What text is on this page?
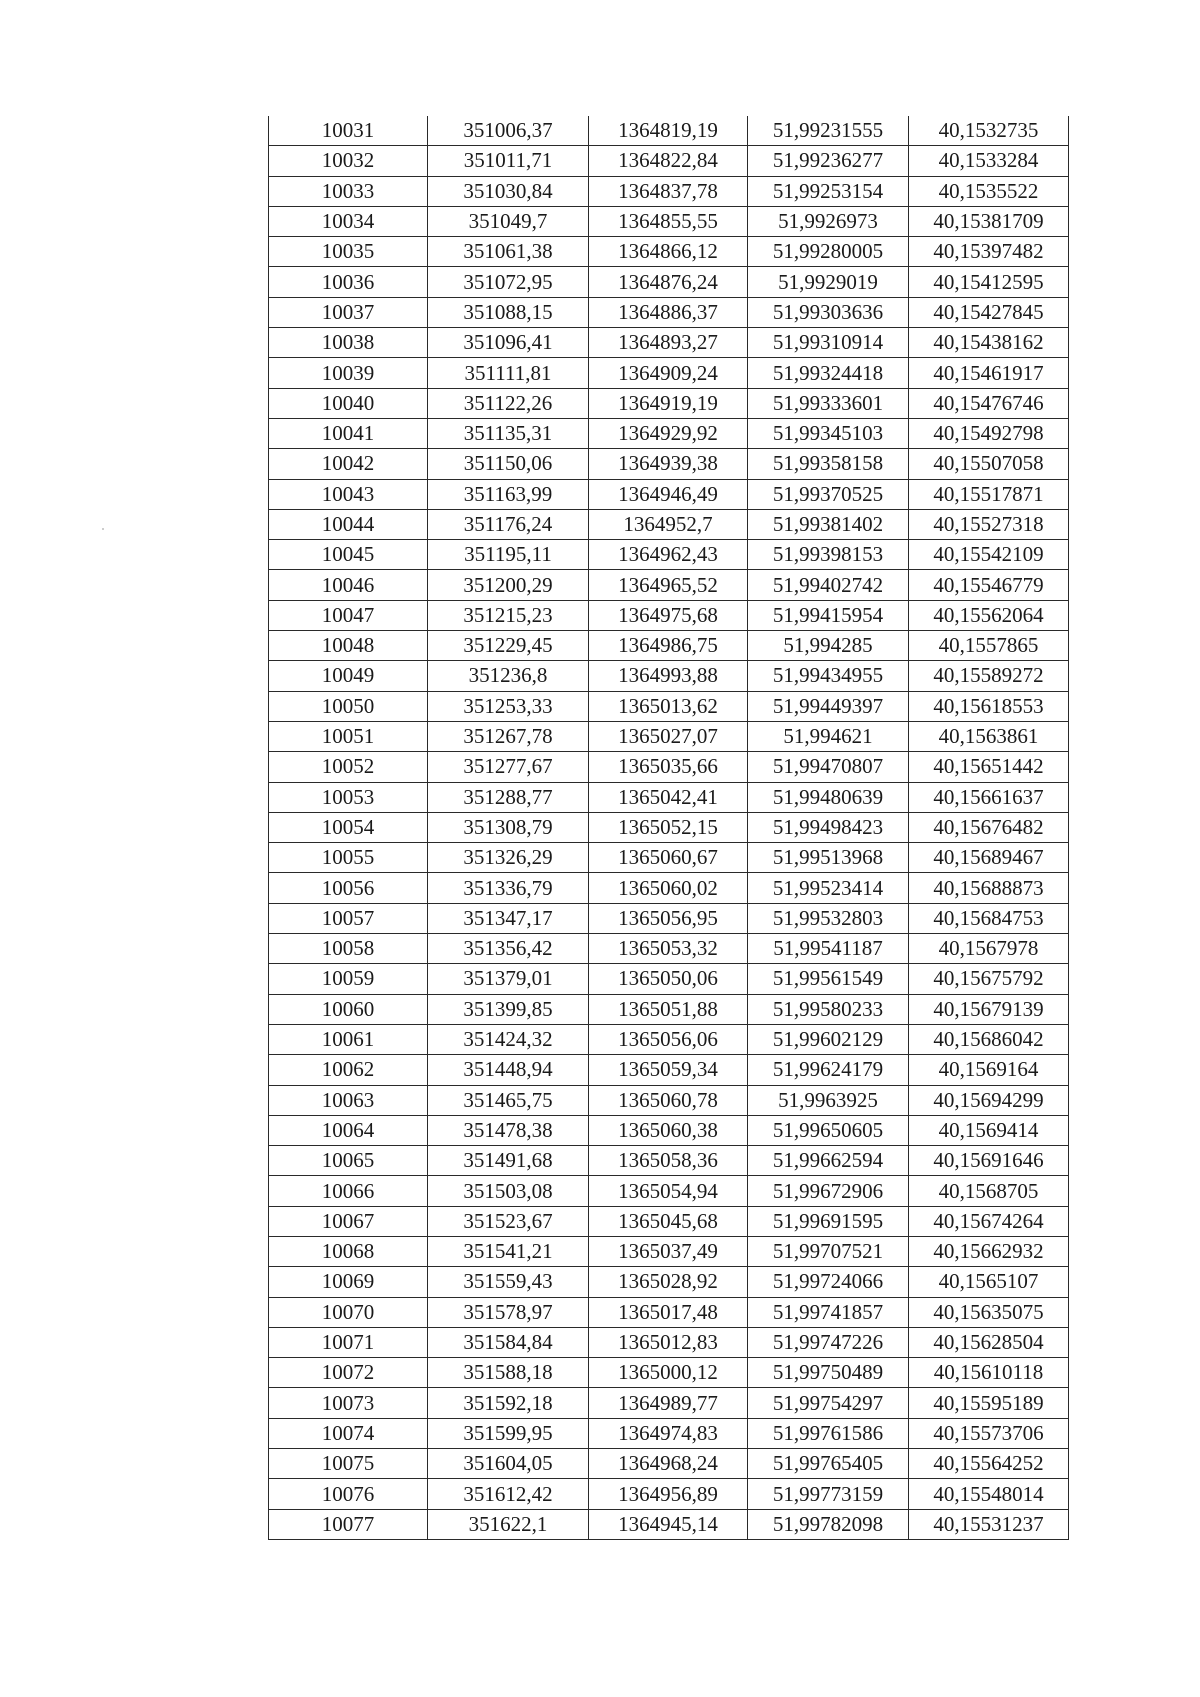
10031	351006,37	1364819,19	51,99231555	40,1532735
10032	351011,71	1364822,84	51,99236277	40,1533284
10033	351030,84	1364837,78	51,99253154	40,1535522
10034	351049,7	1364855,55	51,9926973	40,15381709
10035	351061,38	1364866,12	51,99280005	40,15397482
10036	351072,95	1364876,24	51,9929019	40,15412595
10037	351088,15	1364886,37	51,99303636	40,15427845
10038	351096,41	1364893,27	51,99310914	40,15438162
10039	351111,81	1364909,24	51,99324418	40,15461917
10040	351122,26	1364919,19	51,99333601	40,15476746
10041	351135,31	1364929,92	51,99345103	40,15492798
10042	351150,06	1364939,38	51,99358158	40,15507058
10043	351163,99	1364946,49	51,99370525	40,15517871
10044	351176,24	1364952,7	51,99381402	40,15527318
10045	351195,11	1364962,43	51,99398153	40,15542109
10046	351200,29	1364965,52	51,99402742	40,15546779
10047	351215,23	1364975,68	51,99415954	40,15562064
10048	351229,45	1364986,75	51,994285	40,1557865
10049	351236,8	1364993,88	51,99434955	40,15589272
10050	351253,33	1365013,62	51,99449397	40,15618553
10051	351267,78	1365027,07	51,994621	40,1563861
10052	351277,67	1365035,66	51,99470807	40,15651442
10053	351288,77	1365042,41	51,99480639	40,15661637
10054	351308,79	1365052,15	51,99498423	40,15676482
10055	351326,29	1365060,67	51,99513968	40,15689467
10056	351336,79	1365060,02	51,99523414	40,15688873
10057	351347,17	1365056,95	51,99532803	40,15684753
10058	351356,42	1365053,32	51,99541187	40,1567978
10059	351379,01	1365050,06	51,99561549	40,15675792
10060	351399,85	1365051,88	51,99580233	40,15679139
10061	351424,32	1365056,06	51,99602129	40,15686042
10062	351448,94	1365059,34	51,99624179	40,1569164
10063	351465,75	1365060,78	51,9963925	40,15694299
10064	351478,38	1365060,38	51,99650605	40,1569414
10065	351491,68	1365058,36	51,99662594	40,15691646
10066	351503,08	1365054,94	51,99672906	40,1568705
10067	351523,67	1365045,68	51,99691595	40,15674264
10068	351541,21	1365037,49	51,99707521	40,15662932
10069	351559,43	1365028,92	51,99724066	40,1565107
10070	351578,97	1365017,48	51,99741857	40,15635075
10071	351584,84	1365012,83	51,99747226	40,15628504
10072	351588,18	1365000,12	51,99750489	40,15610118
10073	351592,18	1364989,77	51,99754297	40,15595189
10074	351599,95	1364974,83	51,99761586	40,15573706
10075	351604,05	1364968,24	51,99765405	40,15564252
10076	351612,42	1364956,89	51,99773159	40,15548014
10077	351622,1	1364945,14	51,99782098	40,15531237
